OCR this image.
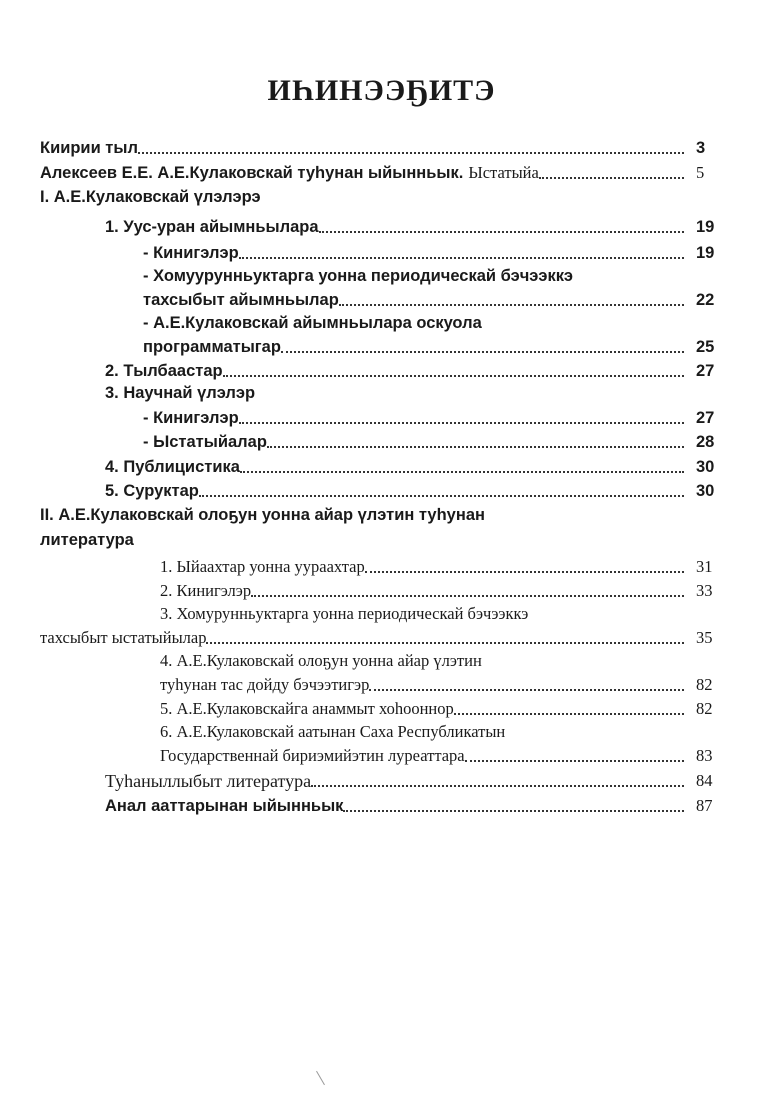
ИҺИНЭЭҔИТЭ
Киирии тыл	3
Алексеев Е.Е. А.Е.Кулаковскай туһунан ыйынньык. Ыстатыйа	5
I. А.Е.Кулаковскай үлэлэрэ
1. Уус-уран айымньылара	19
- Кинигэлэр	19
- Хомуурунньуктарга уонна периодическай бэчээккэ
тахсыбыт айымньылар	22
- А.Е.Кулаковскай айымньылара оскуола
программатыгар	25
2. Тылбаастар	27
3. Научнай үлэлэр
- Кинигэлэр	27
- Ыстатыйалар	28
4. Публицистика	30
5. Суруктар	30
II. А.Е.Кулаковскай олоҕун уонна айар үлэтин туһунан
литература
1. Ыйаахтар уонна уураахтар	31
2. Кинигэлэр	33
3. Хомурунньуктарга уонна периодическай бэчээккэ
тахсыбыт ыстатыйылар	35
4. А.Е.Кулаковскай олоҕун уонна айар үлэтин
туһунан тас дойду бэчээтигэр	82
5. А.Е.Кулаковскайга анаммыт хоһооннор	82
6. А.Е.Кулаковскай аатынан Саха Республикатын
Государственнай бириэмийэтин луреаттара	83
Туһаныллыбыт литература	84
Анал ааттарынан ыйынньык	87
